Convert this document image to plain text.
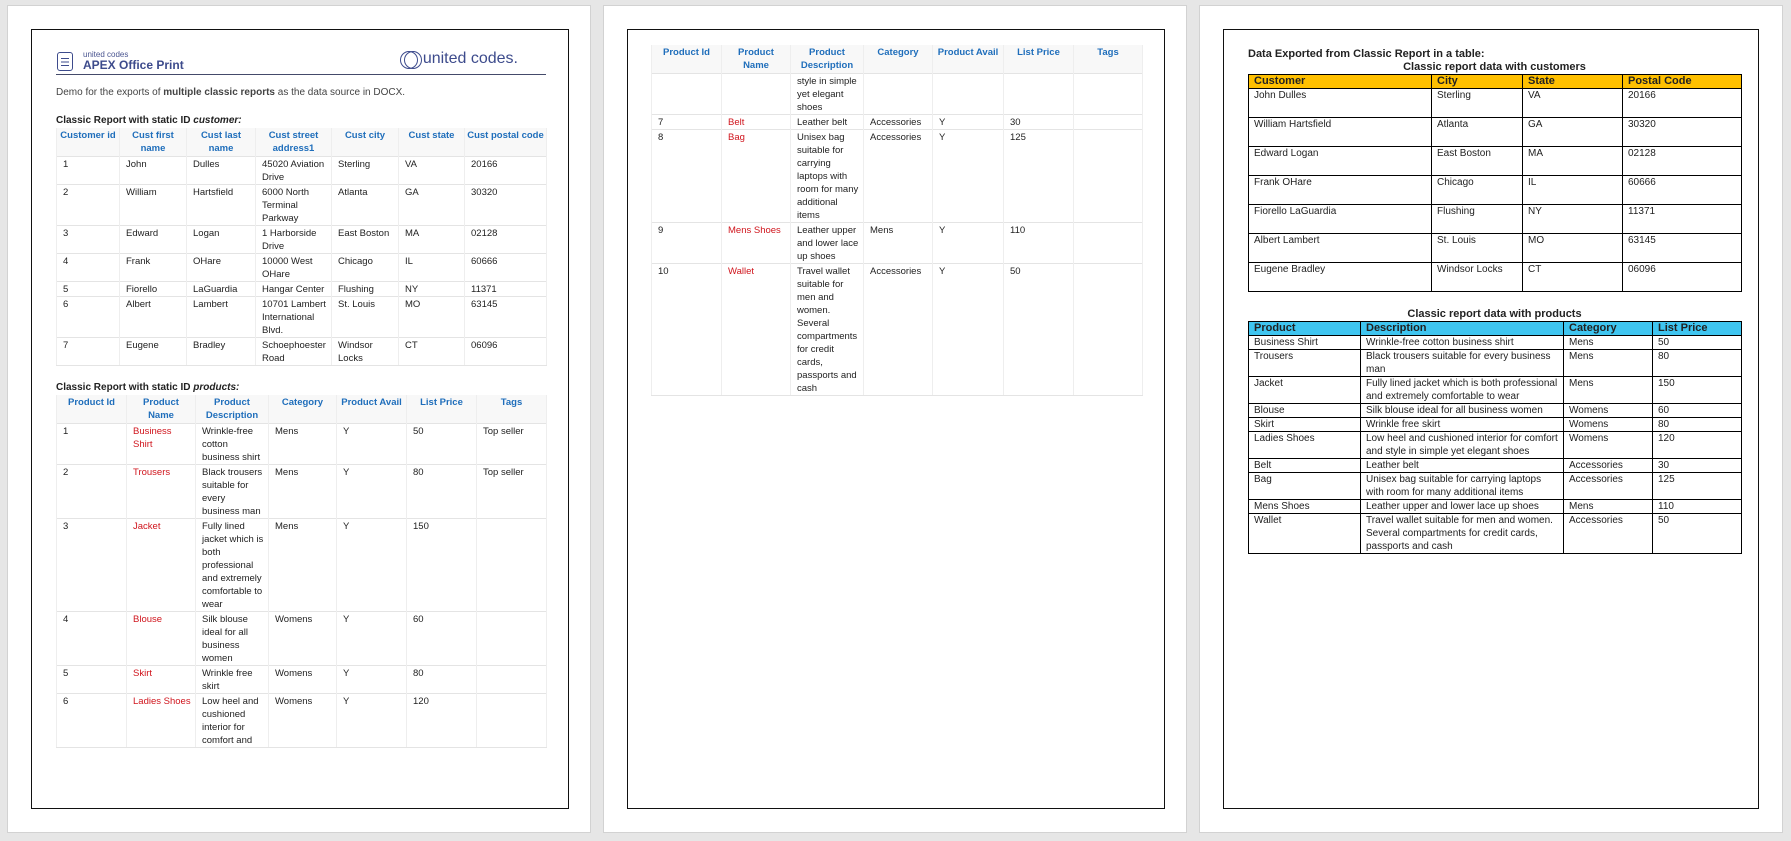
united codes
APEX Office Print	united codes.

Demo for the exports of multiple classic reports as the data source in DOCX.

Classic Report with static ID customer:

Customer id	Cust first name	Cust last name	Cust street address1	Cust city	Cust state	Cust postal code
1	John	Dulles	45020 Aviation Drive	Sterling	VA	20166
2	William	Hartsfield	6000 North Terminal Parkway	Atlanta	GA	30320
3	Edward	Logan	1 Harborside Drive	East Boston	MA	02128
4	Frank	OHare	10000 West OHare	Chicago	IL	60666
5	Fiorello	LaGuardia	Hangar Center	Flushing	NY	11371
6	Albert	Lambert	10701 Lambert International Blvd.	St. Louis	MO	63145
7	Eugene	Bradley	Schoephoester Road	Windsor Locks	CT	06096

Classic Report with static ID products:

Product Id	Product Name	Product Description	Category	Product Avail	List Price	Tags
1	Business Shirt	Wrinkle-free cotton business shirt	Mens	Y	50	Top seller
2	Trousers	Black trousers suitable for every business man	Mens	Y	80	Top seller
3	Jacket	Fully lined jacket which is both professional and extremely comfortable to wear	Mens	Y	150	
4	Blouse	Silk blouse ideal for all business women	Womens	Y	60	
5	Skirt	Wrinkle free skirt	Womens	Y	80	
6	Ladies Shoes	Low heel and cushioned interior for comfort and	Womens	Y	120	
Product Id	Product Name	Product Description	Category	Product Avail	List Price	Tags
		style in simple yet elegant shoes				
7	Belt	Leather belt	Accessories	Y	30	
8	Bag	Unisex bag suitable for carrying laptops with room for many additional items	Accessories	Y	125	
9	Mens Shoes	Leather upper and lower lace up shoes	Mens	Y	110	
10	Wallet	Travel wallet suitable for men and women. Several compartments for credit cards, passports and cash	Accessories	Y	50	

Data Exported from Classic Report in a table:

Classic report data with customers

Customer	City	State	Postal Code
John Dulles	Sterling	VA	20166
William Hartsfield	Atlanta	GA	30320
Edward Logan	East Boston	MA	02128
Frank OHare	Chicago	IL	60666
Fiorello LaGuardia	Flushing	NY	11371
Albert Lambert	St. Louis	MO	63145
Eugene Bradley	Windsor Locks	CT	06096

Classic report data with products

Product	Description	Category	List Price
Business Shirt	Wrinkle-free cotton business shirt	Mens	50
Trousers	Black trousers suitable for every business man	Mens	80
Jacket	Fully lined jacket which is both professional and extremely comfortable to wear	Mens	150
Blouse	Silk blouse ideal for all business women	Womens	60
Skirt	Wrinkle free skirt	Womens	80
Ladies Shoes	Low heel and cushioned interior for comfort and style in simple yet elegant shoes	Womens	120
Belt	Leather belt	Accessories	30
Bag	Unisex bag suitable for carrying laptops with room for many additional items	Accessories	125
Mens Shoes	Leather upper and lower lace up shoes	Mens	110
Wallet	Travel wallet suitable for men and women. Several compartments for credit cards, passports and cash	Accessories	50
